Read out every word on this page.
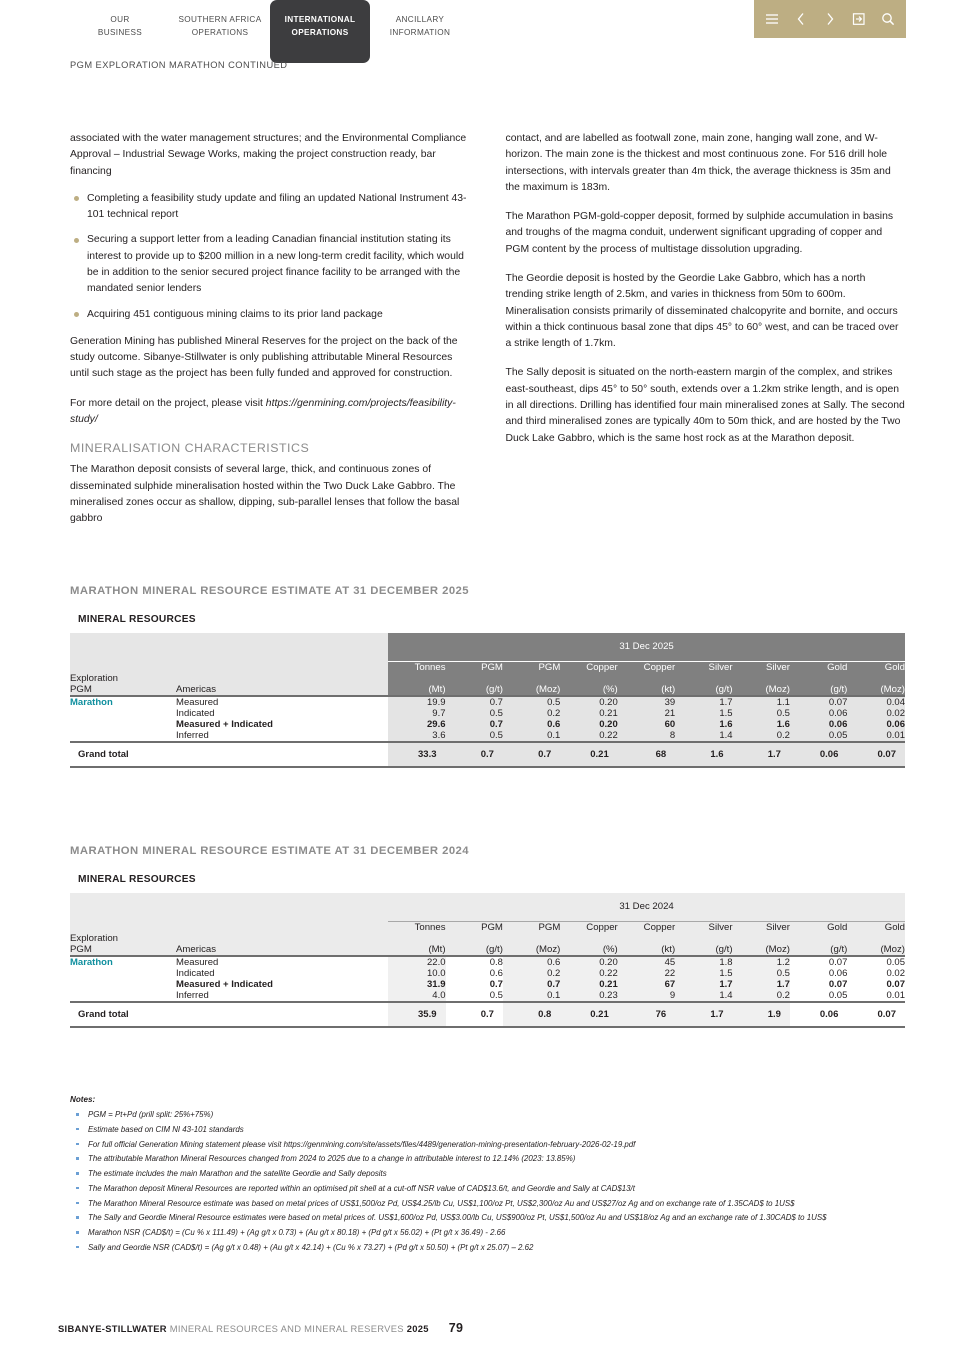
OUR
BUSINESS
SOUTHERN AFRICA
OPERATIONS
INTERNATIONAL
OPERATIONS
ANCILLARY
INFORMATION
PGM EXPLORATION MARATHON CONTINUED

associated with the water management structures; and the Environmental Compliance Approval – Industrial Sewage Works, making the project construction ready, bar financing

Completing a feasibility study update and filing an updated National Instrument 43-101 technical report
Securing a support letter from a leading Canadian financial institution stating its interest to provide up to $200 million in a new long-term credit facility, which would be in addition to the senior secured project finance facility to be arranged with the mandated senior lenders
Acquiring 451 contiguous mining claims to its prior land package

Generation Mining has published Mineral Reserves for the project on the back of the study outcome. Sibanye-Stillwater is only publishing attributable Mineral Resources until such stage as the project has been fully funded and approved for construction.

For more detail on the project, please visit https://genmining.com/projects/feasibility-study/

MINERALISATION CHARACTERISTICS

The Marathon deposit consists of several large, thick, and continuous zones of disseminated sulphide mineralisation hosted within the Two Duck Lake Gabbro. The mineralised zones occur as shallow, dipping, sub-parallel lenses that follow the basal gabbro

contact, and are labelled as footwall zone, main zone, hanging wall zone, and W-horizon. The main zone is the thickest and most continuous zone. For 516 drill hole intersections, with intervals greater than 4m thick, the average thickness is 35m and the maximum is 183m.

The Marathon PGM-gold-copper deposit, formed by sulphide accumulation in basins and troughs of the magma conduit, underwent significant upgrading of copper and PGM content by the process of multistage dissolution upgrading.

The Geordie deposit is hosted by the Geordie Lake Gabbro, which has a north trending strike length of 2.5km, and varies in thickness from 50m to 600m. Mineralisation consists primarily of disseminated chalcopyrite and bornite, and occurs within a thick continuous basal zone that dips 45° to 60° west, and can be traced over a strike length of 1.7km.

The Sally deposit is situated on the north-eastern margin of the complex, and strikes east-southeast, dips 45° to 50° south, extends over a 1.2km strike length, and is open in all directions. Drilling has identified four main mineralised zones at Sally. The second and third mineralised zones are typically 40m to 50m thick, and are hosted by the Two Duck Lake Gabbro, which is the same host rock as at the Marathon deposit.

MARATHON MINERAL RESOURCE ESTIMATE AT 31 DECEMBER 2025
MINERAL RESOURCES
		31 Dec 2025								
		Tonnes	PGM	PGM	Copper	Copper	Silver	Silver	Gold	Gold
Exploration										
PGM	Americas	(Mt)	(g/t)	(Moz)	(%)	(kt)	(g/t)	(Moz)	(g/t)	(Moz)
Marathon	Measured	19.9	0.7	0.5	0.20	39	1.7	1.1	0.07	0.04
	Indicated	9.7	0.5	0.2	0.21	21	1.5	0.5	0.06	0.02
	Measured + Indicated	29.6	0.7	0.6	0.20	60	1.6	1.6	0.06	0.06
	Inferred	3.6	0.5	0.1	0.22	8	1.4	0.2	0.05	0.01
Grand total		33.3	0.7	0.7	0.21	68	1.6	1.7	0.06	0.07
MARATHON MINERAL RESOURCE ESTIMATE AT 31 DECEMBER 2024
MINERAL RESOURCES
		31 Dec 2024								
		Tonnes	PGM	PGM	Copper	Copper	Silver	Silver	Gold	Gold
Exploration										
PGM	Americas	(Mt)	(g/t)	(Moz)	(%)	(kt)	(g/t)	(Moz)	(g/t)	(Moz)
Marathon	Measured	22.0	0.8	0.6	0.20	45	1.8	1.2	0.07	0.05
	Indicated	10.0	0.6	0.2	0.22	22	1.5	0.5	0.06	0.02
	Measured + Indicated	31.9	0.7	0.7	0.21	67	1.7	1.7	0.07	0.07
	Inferred	4.0	0.5	0.1	0.23	9	1.4	0.2	0.05	0.01
Grand total		35.9	0.7	0.8	0.21	76	1.7	1.9	0.06	0.07
Notes:
PGM = Pt+Pd (prill split: 25%+75%)
Estimate based on CIM NI 43-101 standards
For full official Generation Mining statement please visit https://genmining.com/site/assets/files/4489/generation-mining-presentation-february-2026-02-19.pdf
The attributable Marathon Mineral Resources changed from 2024 to 2025 due to a change in attributable interest to 12.14% (2023: 13.85%)
The estimate includes the main Marathon and the satellite Geordie and Sally deposits
The Marathon deposit Mineral Resources are reported within an optimised pit shell at a cut-off NSR value of CAD$13.6/t, and Geordie and Sally at CAD$13/t
The Marathon Mineral Resource estimate was based on metal prices of US$1,500/oz Pd, US$4.25/lb Cu, US$1,100/oz Pt, US$2,300/oz Au and US$27/oz Ag and on exchange rate of 1.35CAD$ to 1US$
The Sally and Geordie Mineral Resource estimates were based on metal prices of. US$1,600/oz Pd, US$3.00/lb Cu, US$900/oz Pt, US$1,500/oz Au and US$18/oz Ag and an exchange rate of 1.30CAD$ to 1US$
Marathon NSR (CAD$/t) = (Cu % x 111.49) + (Ag g/t x 0.73) + (Au g/t x 80.18) + (Pd g/t x 56.02) + (Pt g/t x 36.49) - 2.66
Sally and Geordie NSR (CAD$/t) = (Ag g/t x 0.48) + (Au g/t x 42.14) + (Cu % x 73.27) + (Pd g/t x 50.50) + (Pt g/t x 25.07) – 2.62
SIBANYE-STILLWATER MINERAL RESOURCES AND MINERAL RESERVES 2025 79
